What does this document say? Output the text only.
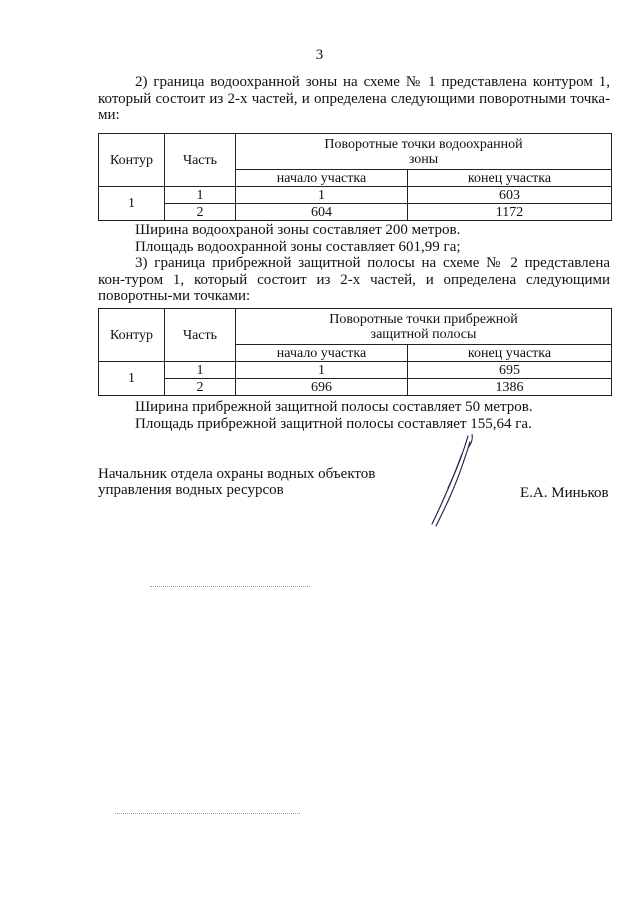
3

2) граница водоохранной зоны на схеме № 1 представлена контуром 1, который состоит из 2-х частей, и определена следующими поворотными точка-ми:

Контур	Часть	Поворотные точки водоохранной зоны	
		начало участка	конец участка
1	1	1	603
	2	604	1172
Ширина водоохраной зоны составляет 200 метров.
Площадь водоохранной зоны составляет 601,99 га;

3) граница прибрежной защитной полосы на схеме № 2 представлена кон-туром 1, который состоит из 2-х частей, и определена следующими поворотны-ми точками:

Контур	Часть	Поворотные точки прибрежной защитной полосы	
		начало участка	конец участка
1	1	1	695
	2	696	1386
Ширина прибрежной защитной полосы составляет 50 метров.
Площадь прибрежной защитной полосы составляет 155,64 га.
Начальник отдела охраны водных объектов
управления водных ресурсов	Е.А. Миньков
